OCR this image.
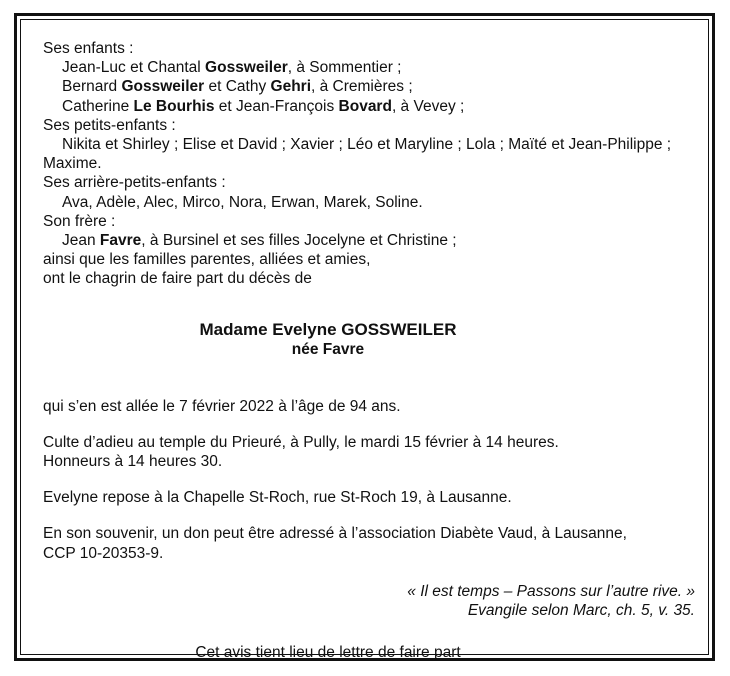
Ses enfants :
Jean-Luc et Chantal Gossweiler, à Sommentier ;
Bernard Gossweiler et Cathy Gehri, à Cremières ;
Catherine Le Bourhis et Jean-François Bovard, à Vevey ;
Ses petits-enfants :
Nikita et Shirley ; Elise et David ; Xavier ; Léo et Maryline ; Lola ; Maïté et Jean-Philippe ;
Maxime.
Ses arrière-petits-enfants :
Ava, Adèle, Alec, Mirco, Nora, Erwan, Marek, Soline.
Son frère :
Jean Favre, à Bursinel et ses filles Jocelyne et Christine ;
ainsi que les familles parentes, alliées et amies,
ont le chagrin de faire part du décès de
Madame Evelyne GOSSWEILER
née Favre
qui s’en est allée le 7 février 2022 à l’âge de 94 ans.
Culte d’adieu au temple du Prieuré, à Pully, le mardi 15 février à 14 heures.
Honneurs à 14 heures 30.
Evelyne repose à la Chapelle St-Roch, rue St-Roch 19, à Lausanne.
En son souvenir, un don peut être adressé à l’association Diabète Vaud, à Lausanne,
CCP 10-20353-9.
« Il est temps – Passons sur l’autre rive. »
Evangile selon Marc, ch. 5, v. 35.
Cet avis tient lieu de lettre de faire part
